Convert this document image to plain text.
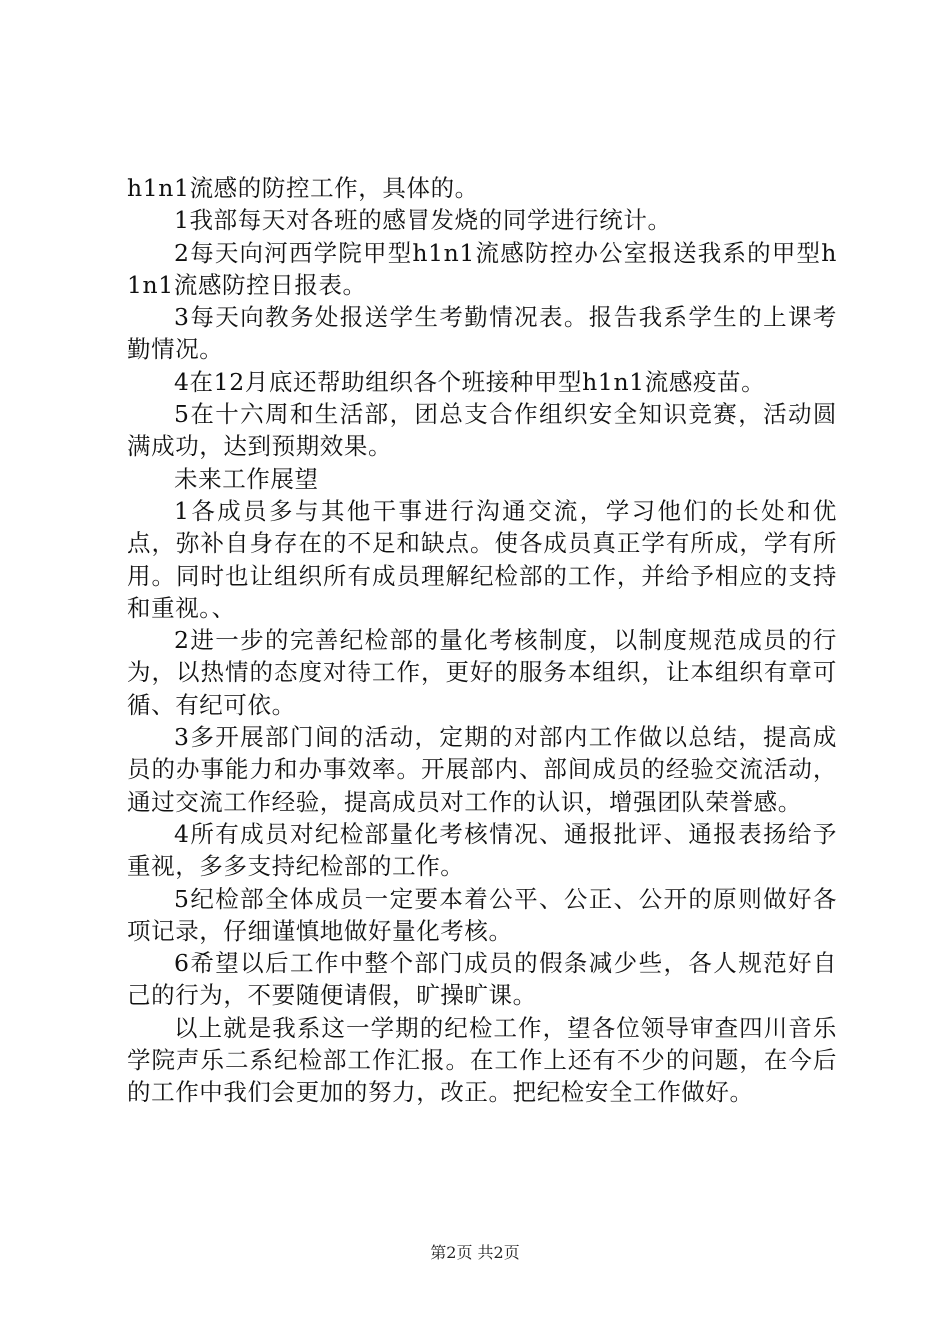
h1n1流感的防控工作，具体的。

1我部每天对各班的感冒发烧的同学进行统计。

2每天向河西学院甲型h1n1流感防控办公室报送我系的甲型h1n1流感防控日报表。

3每天向教务处报送学生考勤情况表。报告我系学生的上课考勤情况。

4在12月底还帮助组织各个班接种甲型h1n1流感疫苗。

5在十六周和生活部，团总支合作组织安全知识竞赛，活动圆满成功，达到预期效果。

未来工作展望

1各成员多与其他干事进行沟通交流，学习他们的长处和优点，弥补自身存在的不足和缺点。使各成员真正学有所成，学有所用。同时也让组织所有成员理解纪检部的工作，并给予相应的支持和重视。、

2进一步的完善纪检部的量化考核制度，以制度规范成员的行为，以热情的态度对待工作，更好的服务本组织，让本组织有章可循、有纪可依。

3多开展部门间的活动，定期的对部内工作做以总结，提高成员的办事能力和办事效率。开展部内、部间成员的经验交流活动，通过交流工作经验，提高成员对工作的认识，增强团队荣誉感。

4所有成员对纪检部量化考核情况、通报批评、通报表扬给予重视，多多支持纪检部的工作。

5纪检部全体成员一定要本着公平、公正、公开的原则做好各项记录，仔细谨慎地做好量化考核。

6希望以后工作中整个部门成员的假条减少些，各人规范好自己的行为，不要随便请假，旷操旷课。

以上就是我系这一学期的纪检工作，望各位领导审查四川音乐学院声乐二系纪检部工作汇报。在工作上还有不少的问题，在今后的工作中我们会更加的努力，改正。把纪检安全工作做好。

第2页 共2页
